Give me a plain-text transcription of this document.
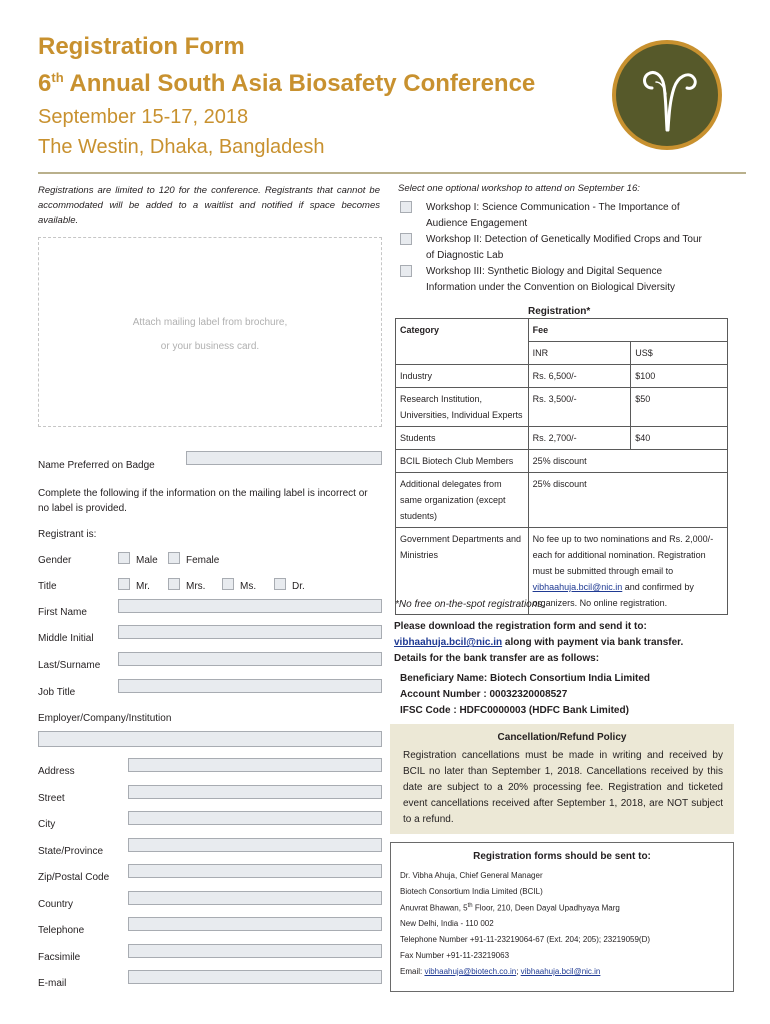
Registration Form
6th Annual South Asia Biosafety Conference
September 15-17, 2018
The Westin, Dhaka, Bangladesh
Registrations are limited to 120 for the conference. Registrants that cannot be accommodated will be added to a waitlist and notified if space becomes available.
Attach mailing label from brochure,
or your business card.
Name Preferred on Badge
Complete the following if the information on the mailing label is incorrect or no label is provided.
Registrant is:
Gender	Male	Female
Title	Mr.	Mrs.	Ms.	Dr.
First Name
Middle Initial
Last/Surname
Job Title
Employer/Company/Institution
Address
Street
City
State/Province
Zip/Postal Code
Country
Telephone
Facsimile
E-mail
Select one optional workshop to attend on September 16:
Workshop I: Science Communication - The Importance of
Audience Engagement
Workshop II: Detection of Genetically Modified Crops and Tour
of Diagnostic Lab
Workshop III: Synthetic Biology and Digital Sequence
Information under the Convention on Biological Diversity
Registration*
Category	Fee	
	INR	US$
Industry	Rs. 6,500/-	$100
Research Institution, Universities, Individual Experts	Rs. 3,500/-	$50
Students	Rs. 2,700/-	$40
BCIL Biotech Club Members	25% discount	
Additional delegates from same organization (except students)	25% discount	
Government Departments and Ministries	No fee up to two nominations and Rs. 2,000/- each for additional nomination. Registration must be submitted through email to vibhaahuja.bcil@nic.in and confirmed by organizers. No online registration.	
*No free on-the-spot registrations.
Please download the registration form and send it to:
vibhaahuja.bcil@nic.in along with payment via bank transfer.
Details for the bank transfer are as follows:
Beneficiary Name: Biotech Consortium India Limited
Account Number : 00032320008527
IFSC Code : HDFC0000003 (HDFC Bank Limited)
Cancellation/Refund Policy
Registration cancellations must be made in writing and received by BCIL no later than September 1, 2018. Cancellations received by this date are subject to a 20% processing fee. Registration and ticketed event cancellations received after September 1, 2018, are NOT subject to a refund.
Registration forms should be sent to:
Dr. Vibha Ahuja, Chief General Manager
Biotech Consortium India Limited (BCIL)
Anuvrat Bhawan, 5th Floor, 210, Deen Dayal Upadhyaya Marg
New Delhi, India - 110 002
Telephone Number +91-11-23219064-67 (Ext. 204; 205); 23219059(D)
Fax Number +91-11-23219063
Email: vibhaahuja@biotech.co.in; vibhaahuja.bcil@nic.in
